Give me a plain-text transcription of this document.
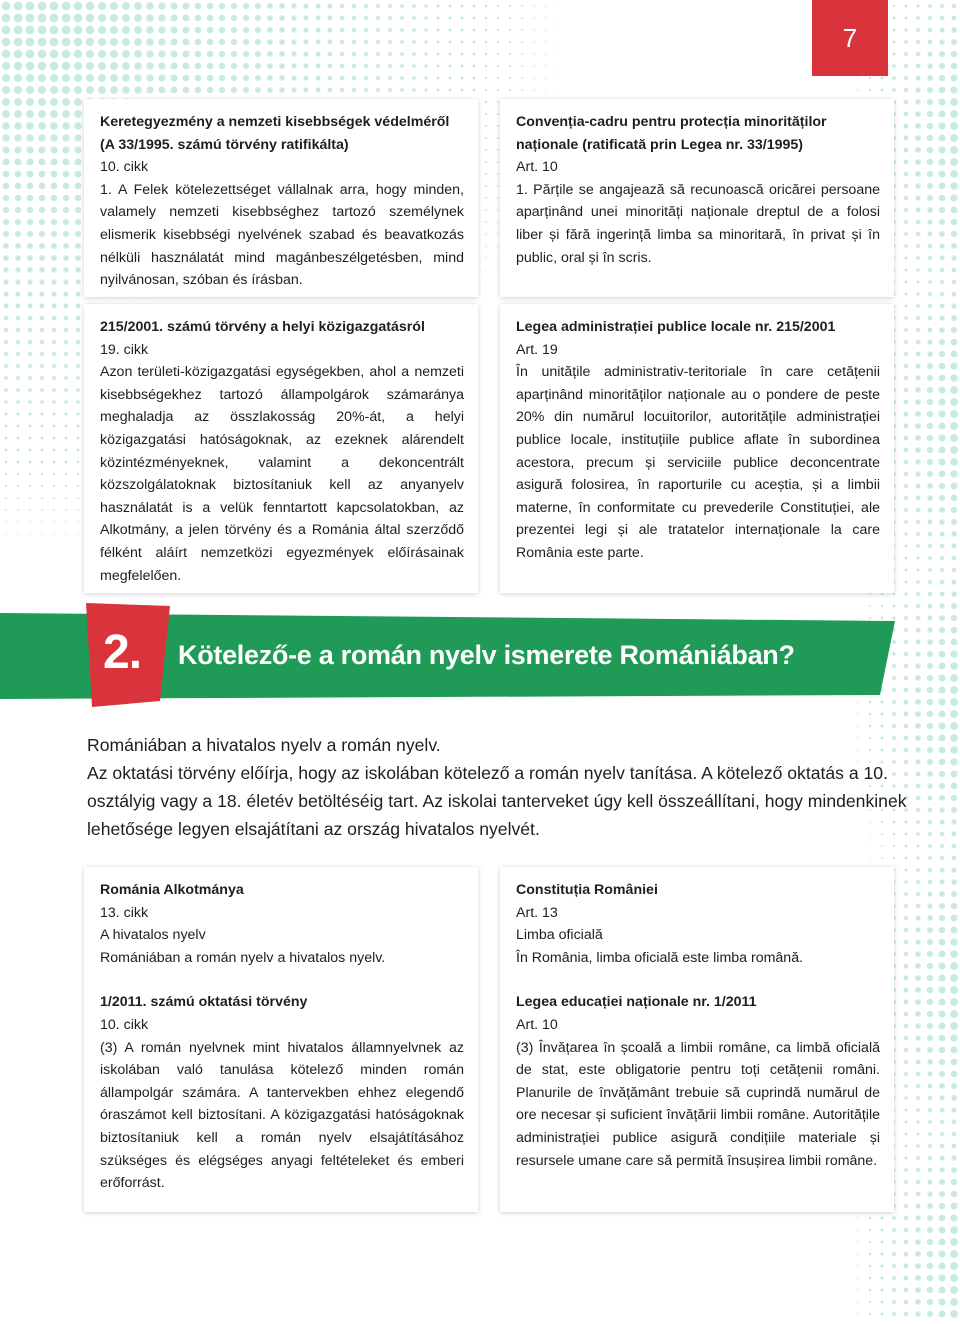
7

Keretegyezmény a nemzeti kisebbségek védelméről (A 33/1995. számú törvény ratifikálta)

10. cikk

1. A Felek kötelezettséget vállalnak arra, hogy minden, valamely nemzeti kisebbséghez tartozó személynek elismerik kisebbségi nyelvének szabad és beavatkozás nélküli használatát mind magánbeszélgetésben, mind nyilvánosan, szóban és írásban.

Convenția-cadru pentru protecția minorităților naționale (ratificată prin Legea nr. 33/1995)

Art. 10

1. Părțile se angajează să recunoască oricărei persoane aparținând unei minorități naționale dreptul de a folosi liber și fără ingerință limba sa minoritară, în privat și în public, oral și în scris.

215/2001. számú törvény a helyi közigazgatásról

19. cikk

Azon területi-közigazgatási egységekben, ahol a nemzeti kisebbségekhez tartozó állampolgárok számaránya meghaladja az összlakosság 20%-át, a helyi közigazgatási hatóságoknak, az ezeknek alárendelt közintézményeknek, valamint a dekoncentrált közszolgálatoknak biztosítaniuk kell az anyanyelv használatát is a velük fenntartott kapcsolatokban, az Alkotmány, a jelen törvény és a Románia által szerződő félként aláírt nemzetközi egyezmények előírásainak megfelelően.

Legea administrației publice locale nr. 215/2001

Art. 19

În unitățile administrativ-teritoriale în care cetățenii aparținând minorităților naționale au o pondere de peste 20% din numărul locuitorilor, autoritățile administrației publice locale, instituțiile publice aflate în subordinea acestora, precum și serviciile publice deconcentrate asigură folosirea, în raporturile cu aceștia, și a limbii materne, în conformitate cu prevederile Constituției, ale prezentei legi și ale tratatelor internaționale la care România este parte.

2. Kötelező-e a román nyelv ismerete Romániában?

Romániában a hivatalos nyelv a román nyelv.

Az oktatási törvény előírja, hogy az iskolában kötelező a román nyelv tanítása. A kötelező oktatás a 10. osztályig vagy a 18. életév betöltéséig tart. Az iskolai tanterveket úgy kell összeállítani, hogy mindenkinek lehetősége legyen elsajátítani az ország hivatalos nyelvét.

Románia Alkotmánya

13. cikk

A hivatalos nyelv

Romániában a román nyelv a hivatalos nyelv.

1/2011. számú oktatási törvény

10. cikk

(3) A román nyelvnek mint hivatalos államnyelvnek az iskolában való tanulása kötelező minden román állampolgár számára. A tantervekben ehhez elegendő óraszámot kell biztosítani. A közigazgatási hatóságoknak biztosítaniuk kell a román nyelv elsajátításához szükséges és elégséges anyagi feltételeket és emberi erőforrást.

Constituția României

Art. 13

Limba oficială

În România, limba oficială este limba română.

Legea educației naționale nr. 1/2011

Art. 10

(3) Învățarea în școală a limbii române, ca limbă oficială de stat, este obligatorie pentru toți cetățenii români. Planurile de învățământ trebuie să cuprindă numărul de ore necesar și suficient învățării limbii române. Autoritățile administrației publice asigură condițiile materiale și resursele umane care să permită însușirea limbii române.
